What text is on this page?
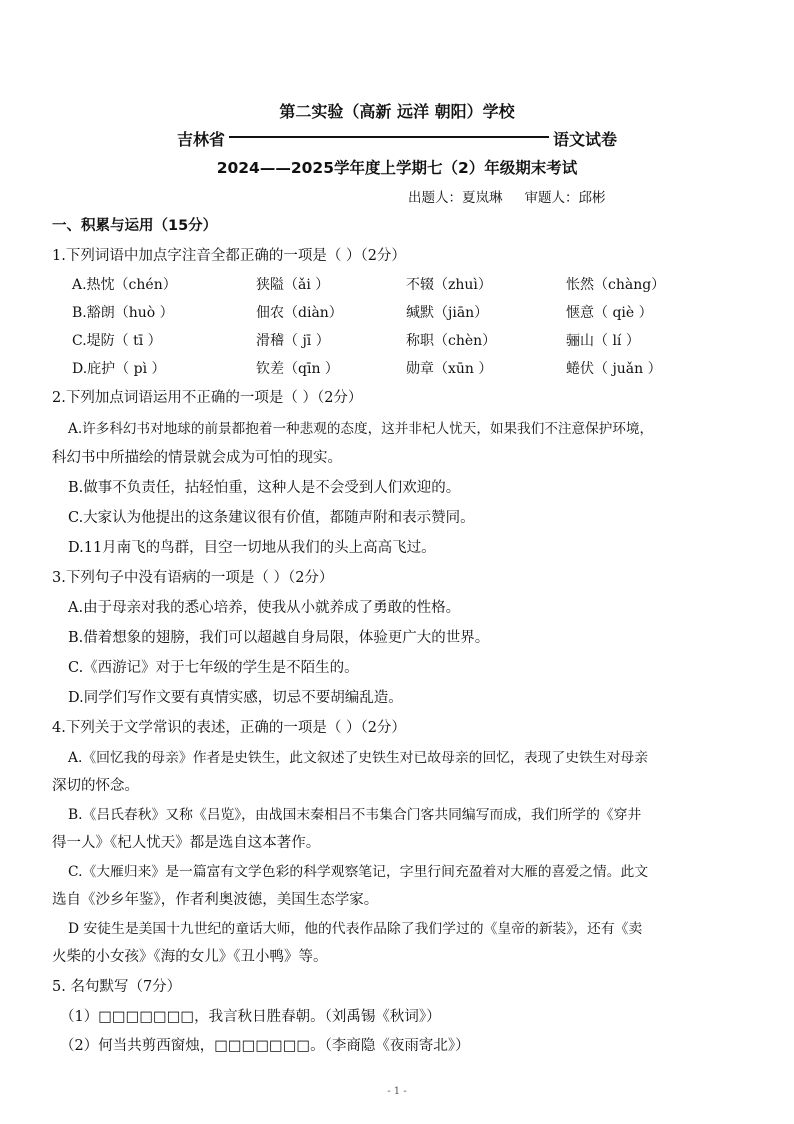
第二实验（高新 远洋 朝阳）学校
吉林省	语文试卷
2024——2025学年度上学期七（2）年级期末考试
出题人：夏岚琳 审题人：邱彬
一、积累与运用（15分）
1.下列词语中加点字注音全都正确的一项是（ ）（2分）
A.热忱（chén）	狭隘（ǎi ）	不辍（zhuì）	怅然（chàng）
B.豁朗（huò ）	佃农（diàn）	缄默（jiān）	惬意（ qiè ）
C.堤防（ tī ）	滑稽（ jī ）	称职（chèn）	骊山（ lí ）
D.庇护（ pì ）	钦差（qīn ）	勋章（xūn ）	蜷伏（ juǎn ）
2.下列加点词语运用不正确的一项是（ ）（2分）
A.许多科幻书对地球的前景都抱着一种悲观的态度，这并非杞人忧天，如果我们不注意保护环境，
科幻书中所描绘的情景就会成为可怕的现实。
B.做事不负责任，拈轻怕重，这种人是不会受到人们欢迎的。
C.大家认为他提出的这条建议很有价值，都随声附和表示赞同。
D.11月南飞的鸟群，目空一切地从我们的头上高高飞过。
3.下列句子中没有语病的一项是（ ）（2分）
A.由于母亲对我的悉心培养，使我从小就养成了勇敢的性格。
B.借着想象的翅膀，我们可以超越自身局限，体验更广大的世界。
C.《西游记》对于七年级的学生是不陌生的。
D.同学们写作文要有真情实感，切忌不要胡编乱造。
4.下列关于文学常识的表述，正确的一项是（ ）（2分）
A.《回忆我的母亲》作者是史铁生，此文叙述了史铁生对已故母亲的回忆，表现了史铁生对母亲
深切的怀念。
B.《吕氏春秋》又称《吕览》，由战国末秦相吕不韦集合门客共同编写而成，我们所学的《穿井
得一人》《杞人忧天》都是选自这本著作。
C.《大雁归来》是一篇富有文学色彩的科学观察笔记，字里行间充盈着对大雁的喜爱之情。此文
选自《沙乡年鉴》，作者利奥波德，美国生态学家。
D 安徒生是美国十九世纪的童话大师，他的代表作品除了我们学过的《皇帝的新装》，还有《卖
火柴的小女孩》《海的女儿》《丑小鸭》等。
5. 名句默写（7分）
（1）□□□□□□□，我言秋日胜春朝。（刘禹锡《秋词》）
（2）何当共剪西窗烛，□□□□□□□。（李商隐《夜雨寄北》）
- 1 -
